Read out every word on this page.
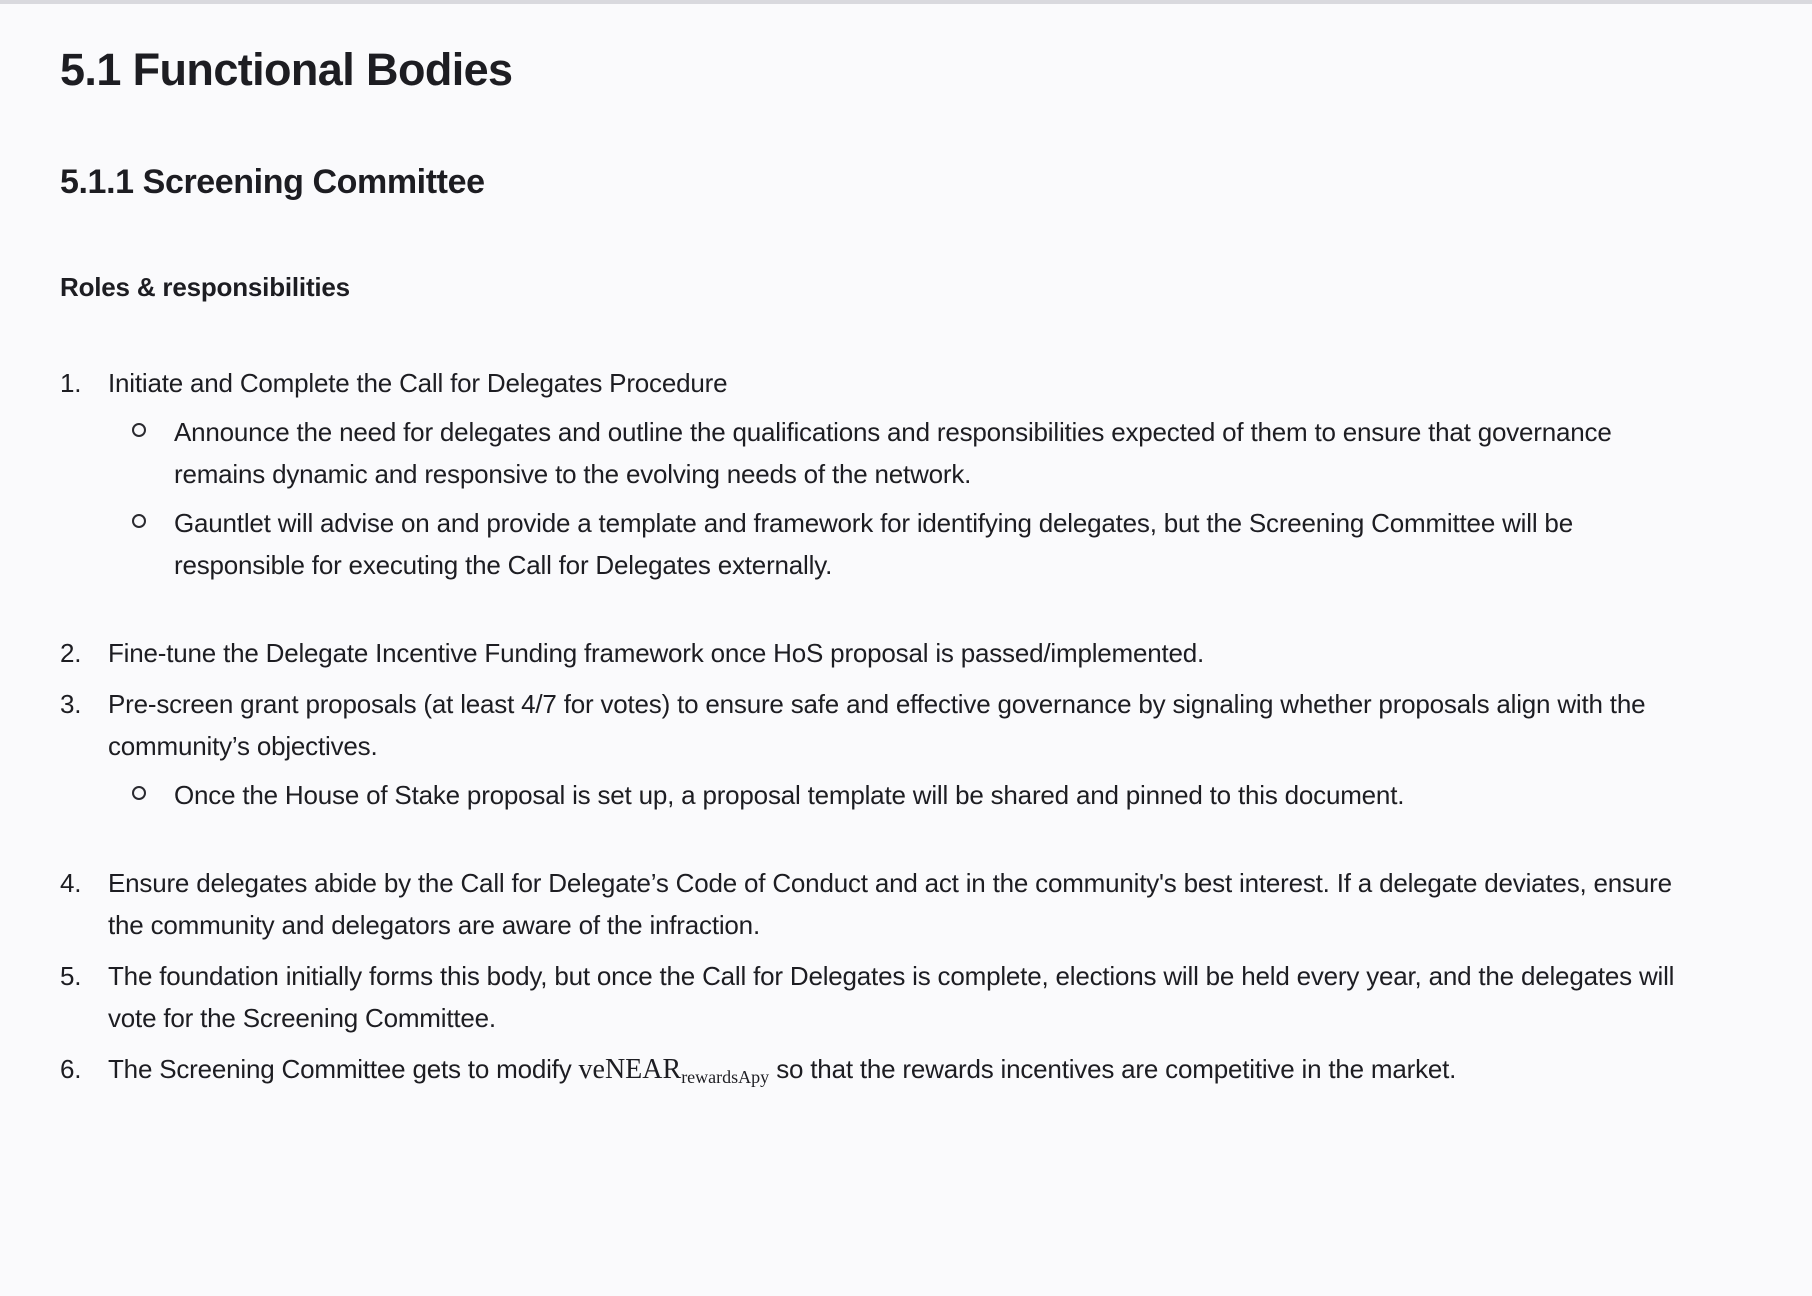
5.1 Functional Bodies
5.1.1 Screening Committee
Roles & responsibilities
1.	Initiate and Complete the Call for Delegates Procedure
Announce the need for delegates and outline the qualifications and responsibilities expected of them to ensure that governance remains dynamic and responsive to the evolving needs of the network.
Gauntlet will advise on and provide a template and framework for identifying delegates, but the Screening Committee will be responsible for executing the Call for Delegates externally.
2.	Fine-tune the Delegate Incentive Funding framework once HoS proposal is passed/implemented.
3.	Pre-screen grant proposals (at least 4/7 for votes) to ensure safe and effective governance by signaling whether proposals align with the community’s objectives.
Once the House of Stake proposal is set up, a proposal template will be shared and pinned to this document.
4.	Ensure delegates abide by the Call for Delegate’s Code of Conduct and act in the community's best interest. If a delegate deviates, ensure the community and delegators are aware of the infraction.
5.	The foundation initially forms this body, but once the Call for Delegates is complete, elections will be held every year, and the delegates will vote for the Screening Committee.
6.	The Screening Committee gets to modify veNEAR$_{rewardsApy}$ so that the rewards incentives are competitive in the market.
